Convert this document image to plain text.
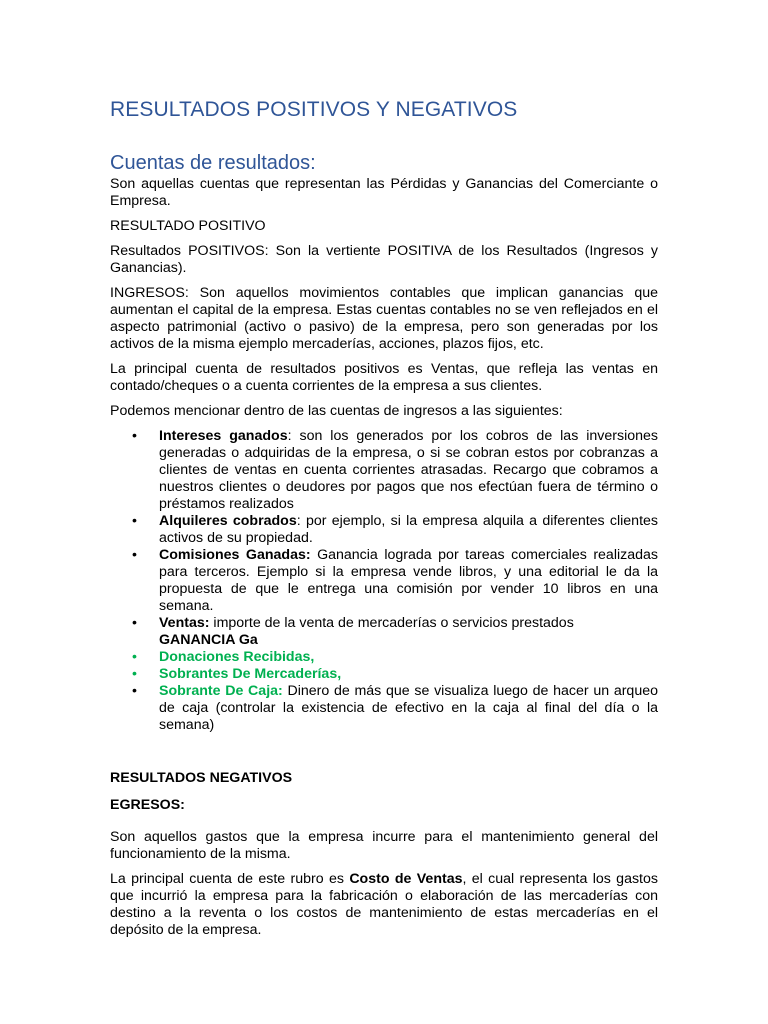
RESULTADOS POSITIVOS Y NEGATIVOS
Cuentas de resultados:

Son aquellas cuentas que representan las Pérdidas y Ganancias del Comerciante o Empresa.

RESULTADO POSITIVO

Resultados POSITIVOS: Son la vertiente POSITIVA de los Resultados (Ingresos y Ganancias).

INGRESOS: Son aquellos movimientos contables que implican ganancias que aumentan el capital de la empresa. Estas cuentas contables no se ven reflejados en el aspecto patrimonial (activo o pasivo) de la empresa, pero son generadas por los activos de la misma ejemplo mercaderías, acciones, plazos fijos, etc.

La principal cuenta de resultados positivos es Ventas, que refleja las ventas en contado/cheques o a cuenta corrientes de la empresa a sus clientes.

Podemos mencionar dentro de las cuentas de ingresos a las siguientes:

•	Intereses ganados: son los generados por los cobros de las inversiones generadas o adquiridas de la empresa, o si se cobran estos por cobranzas a clientes de ventas en cuenta corrientes atrasadas. Recargo que cobramos a nuestros clientes o deudores por pagos que nos efectúan fuera de término o préstamos realizados
•	Alquileres cobrados: por ejemplo, si la empresa alquila a diferentes clientes activos de su propiedad.
•	Comisiones Ganadas: Ganancia lograda por tareas comerciales realizadas para terceros. Ejemplo si la empresa vende libros, y una editorial le da la propuesta de que le entrega una comisión por vender 10 libros en una semana.
•	Ventas: importe de la venta de mercaderías o servicios prestados
GANANCIA Ga
•	Donaciones Recibidas,
•	Sobrantes De Mercaderías,
•	Sobrante De Caja: Dinero de más que se visualiza luego de hacer un arqueo de caja (controlar la existencia de efectivo en la caja al final del día o la semana)
RESULTADOS NEGATIVOS
EGRESOS:

Son aquellos gastos que la empresa incurre para el mantenimiento general del funcionamiento de la misma.

La principal cuenta de este rubro es Costo de Ventas, el cual representa los gastos que incurrió la empresa para la fabricación o elaboración de las mercaderías con destino a la reventa o los costos de mantenimiento de estas mercaderías en el depósito de la empresa.
